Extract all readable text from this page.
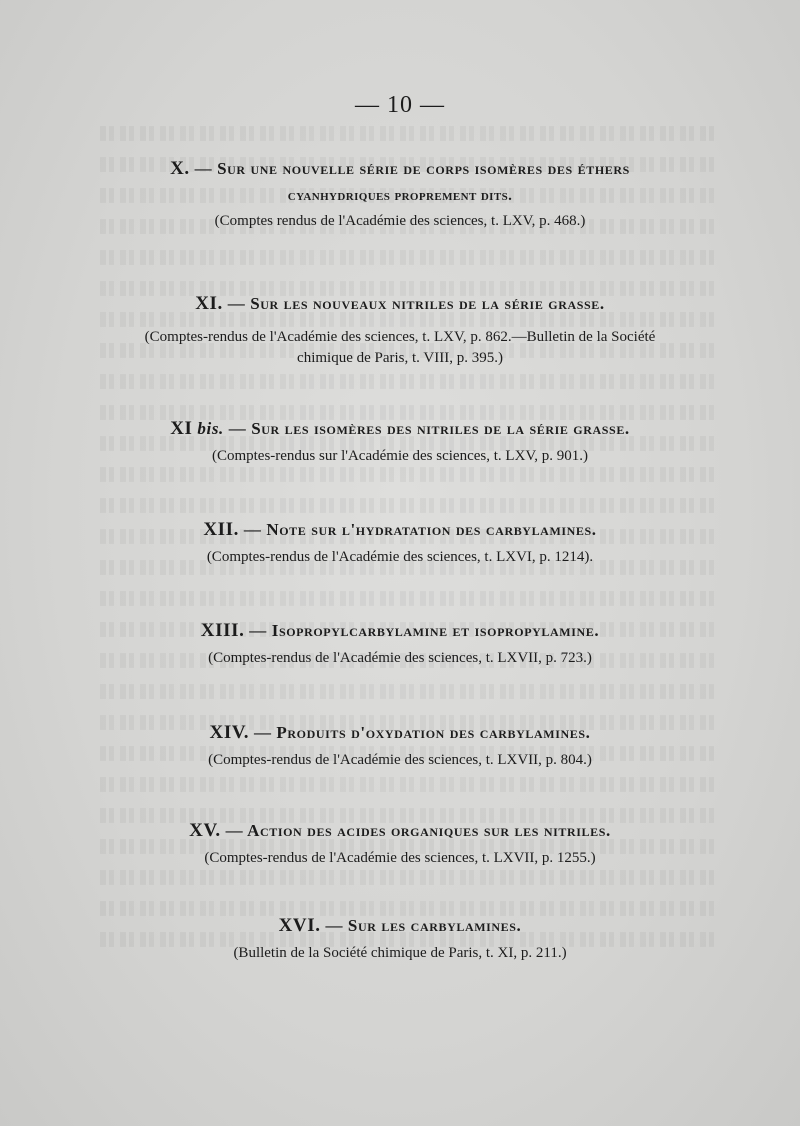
— 10 —
X. — Sur une nouvelle série de corps isomères des éthers
cyanhydriques proprement dits.
(Comptes rendus de l'Académie des sciences, t. LXV, p. 468.)
XI. — Sur les nouveaux nitriles de la série grasse.
(Comptes-rendus de l'Académie des sciences, t. LXV, p. 862.—Bulletin de la Société
chimique de Paris, t. VIII, p. 395.)
XI bis. — Sur les isomères des nitriles de la série grasse.
(Comptes-rendus sur l'Académie des sciences, t. LXV, p. 901.)
XII. — Note sur l'hydratation des carbylamines.
(Comptes-rendus de l'Académie des sciences, t. LXVI, p. 1214).
XIII. — Isopropylcarbylamine et isopropylamine.
(Comptes-rendus de l'Académie des sciences, t. LXVII, p. 723.)
XIV. — Produits d'oxydation des carbylamines.
(Comptes-rendus de l'Académie des sciences, t. LXVII, p. 804.)
XV. — Action des acides organiques sur les nitriles.
(Comptes-rendus de l'Académie des sciences, t. LXVII, p. 1255.)
XVI. — Sur les carbylamines.
(Bulletin de la Société chimique de Paris, t. XI, p. 211.)
